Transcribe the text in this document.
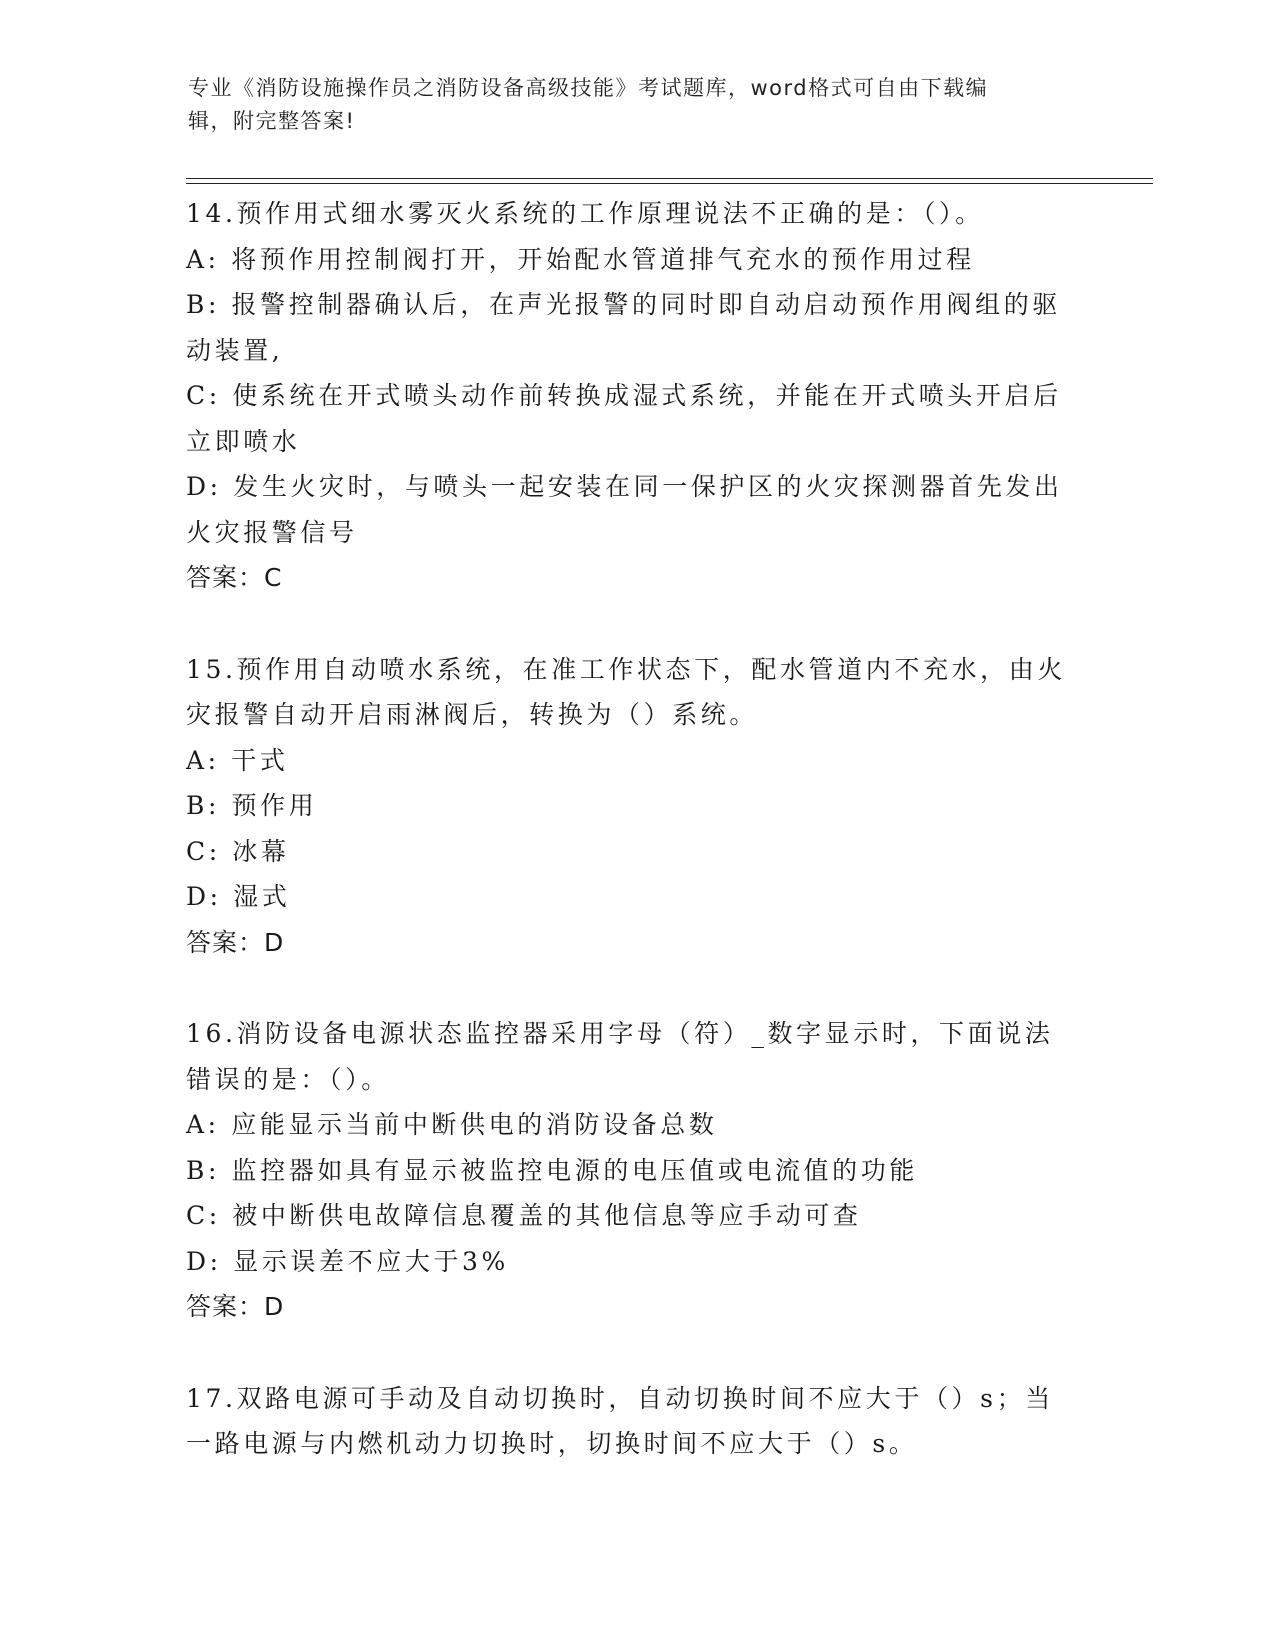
专业《消防设施操作员之消防设备高级技能》考试题库，word格式可自由下载编
辑，附完整答案!
14.预作用式细水雾灭火系统的工作原理说法不正确的是：（）。
A: 将预作用控制阀打开，开始配水管道排气充水的预作用过程
B: 报警控制器确认后，在声光报警的同时即自动启动预作用阀组的驱
动装置,
C: 使系统在开式喷头动作前转换成湿式系统，并能在开式喷头开启后
立即喷水
D: 发生火灾时，与喷头一起安装在同一保护区的火灾探测器首先发出
火灾报警信号
答案：C
15.预作用自动喷水系统，在准工作状态下，配水管道内不充水，由火
灾报警自动开启雨淋阀后，转换为（）系统。
A: 干式
B: 预作用
C: 冰幕
D: 湿式
答案：D
16.消防设备电源状态监控器采用字母（符）_数字显示时，下面说法
错误的是：（）。
A: 应能显示当前中断供电的消防设备总数
B: 监控器如具有显示被监控电源的电压值或电流值的功能
C: 被中断供电故障信息覆盖的其他信息等应手动可查
D: 显示误差不应大于3%
答案：D
17.双路电源可手动及自动切换时，自动切换时间不应大于（）s；当
一路电源与内燃机动力切换时，切换时间不应大于（）s。
